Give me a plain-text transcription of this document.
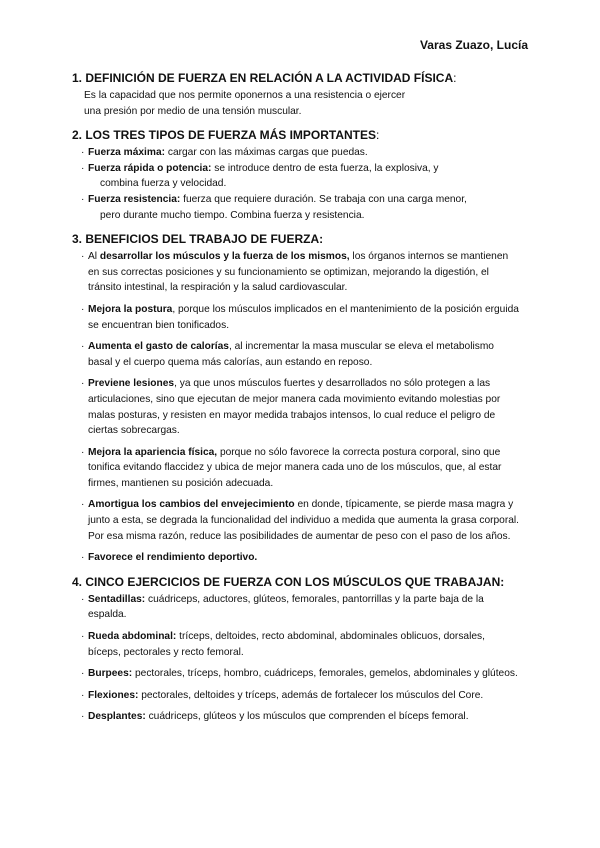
Varas Zuazo, Lucía

1. DEFINICIÓN DE FUERZA EN RELACIÓN A LA ACTIVIDAD FÍSICA:

Es la capacidad que nos permite oponernos a una resistencia o ejercer
una presión por medio de una tensión muscular.

2. LOS TRES TIPOS DE FUERZA MÁS IMPORTANTES:

· Fuerza máxima: cargar con las máximas cargas que puedas.
· Fuerza rápida o potencia: se introduce dentro de esta fuerza, la explosiva, y
combina fuerza y velocidad.
· Fuerza resistencia: fuerza que requiere duración. Se trabaja con una carga menor,
pero durante mucho tiempo. Combina fuerza y resistencia.

3. BENEFICIOS DEL TRABAJO DE FUERZA:

· Al desarrollar los músculos y la fuerza de los mismos, los órganos internos se mantienen en sus correctas posiciones y su funcionamiento se optimizan, mejorando la digestión, el tránsito intestinal, la respiración y la salud cardiovascular.
· Mejora la postura, porque los músculos implicados en el mantenimiento de la posición erguida se encuentran bien tonificados.
· Aumenta el gasto de calorías, al incrementar la masa muscular se eleva el metabolismo basal y el cuerpo quema más calorías, aun estando en reposo.
· Previene lesiones, ya que unos músculos fuertes y desarrollados no sólo protegen a las articulaciones, sino que ejecutan de mejor manera cada movimiento evitando molestias por malas posturas, y resisten en mayor medida trabajos intensos, lo cual reduce el peligro de ciertas sobrecargas.
· Mejora la apariencia física, porque no sólo favorece la correcta postura corporal, sino que tonifica evitando flaccidez y ubica de mejor manera cada uno de los músculos, que, al estar firmes, mantienen su posición adecuada.
· Amortigua los cambios del envejecimiento en donde, típicamente, se pierde masa magra y junto a esta, se degrada la funcionalidad del individuo a medida que aumenta la grasa corporal. Por esa misma razón, reduce las posibilidades de aumentar de peso con el paso de los años.
· Favorece el rendimiento deportivo.

4. CINCO EJERCICIOS DE FUERZA CON LOS MÚSCULOS QUE TRABAJAN:

· Sentadillas: cuádriceps, aductores, glúteos, femorales, pantorrillas y la parte baja de la espalda.
· Rueda abdominal: tríceps, deltoides, recto abdominal, abdominales oblicuos, dorsales, bíceps, pectorales y recto femoral.
· Burpees: pectorales, tríceps, hombro, cuádriceps, femorales, gemelos, abdominales y glúteos.
· Flexiones: pectorales, deltoides y tríceps, además de fortalecer los músculos del Core.
· Desplantes: cuádriceps, glúteos y los músculos que comprenden el bíceps femoral.
